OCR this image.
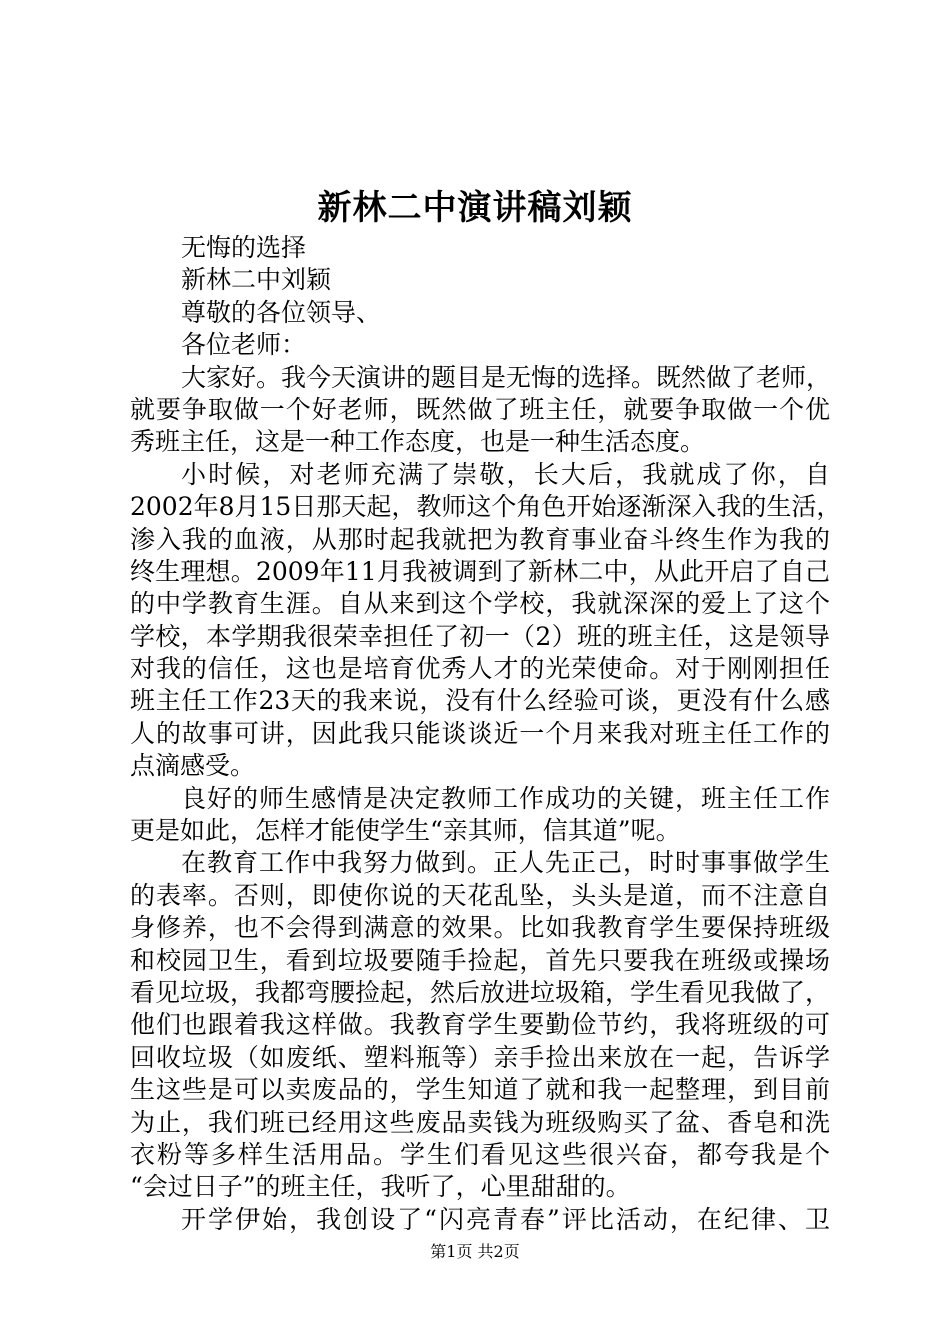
新林二中演讲稿刘颖
无悔的选择
新林二中刘颖
尊敬的各位领导、
各位老师：
大家好。我今天演讲的题目是无悔的选择。既然做了老师，
就要争取做一个好老师，既然做了班主任，就要争取做一个优
秀班主任，这是一种工作态度，也是一种生活态度。
小时候，对老师充满了崇敬，长大后，我就成了你，自
2002年8月15日那天起，教师这个角色开始逐渐深入我的生活，
渗入我的血液，从那时起我就把为教育事业奋斗终生作为我的
终生理想。2009年11月我被调到了新林二中，从此开启了自己
的中学教育生涯。自从来到这个学校，我就深深的爱上了这个
学校，本学期我很荣幸担任了初一（2）班的班主任，这是领导
对我的信任，这也是培育优秀人才的光荣使命。对于刚刚担任
班主任工作23天的我来说，没有什么经验可谈，更没有什么感
人的故事可讲，因此我只能谈谈近一个月来我对班主任工作的
点滴感受。
良好的师生感情是决定教师工作成功的关键，班主任工作
更是如此，怎样才能使学生“亲其师，信其道”呢。
在教育工作中我努力做到。正人先正己，时时事事做学生
的表率。否则，即使你说的天花乱坠，头头是道，而不注意自
身修养，也不会得到满意的效果。比如我教育学生要保持班级
和校园卫生，看到垃圾要随手捡起，首先只要我在班级或操场
看见垃圾，我都弯腰捡起，然后放进垃圾箱，学生看见我做了，
他们也跟着我这样做。我教育学生要勤俭节约，我将班级的可
回收垃圾（如废纸、塑料瓶等）亲手捡出来放在一起，告诉学
生这些是可以卖废品的，学生知道了就和我一起整理，到目前
为止，我们班已经用这些废品卖钱为班级购买了盆、香皂和洗
衣粉等多样生活用品。学生们看见这些很兴奋，都夸我是个
“会过日子”的班主任，我听了，心里甜甜的。
开学伊始，我创设了“闪亮青春”评比活动，在纪律、卫
第1页 共2页
